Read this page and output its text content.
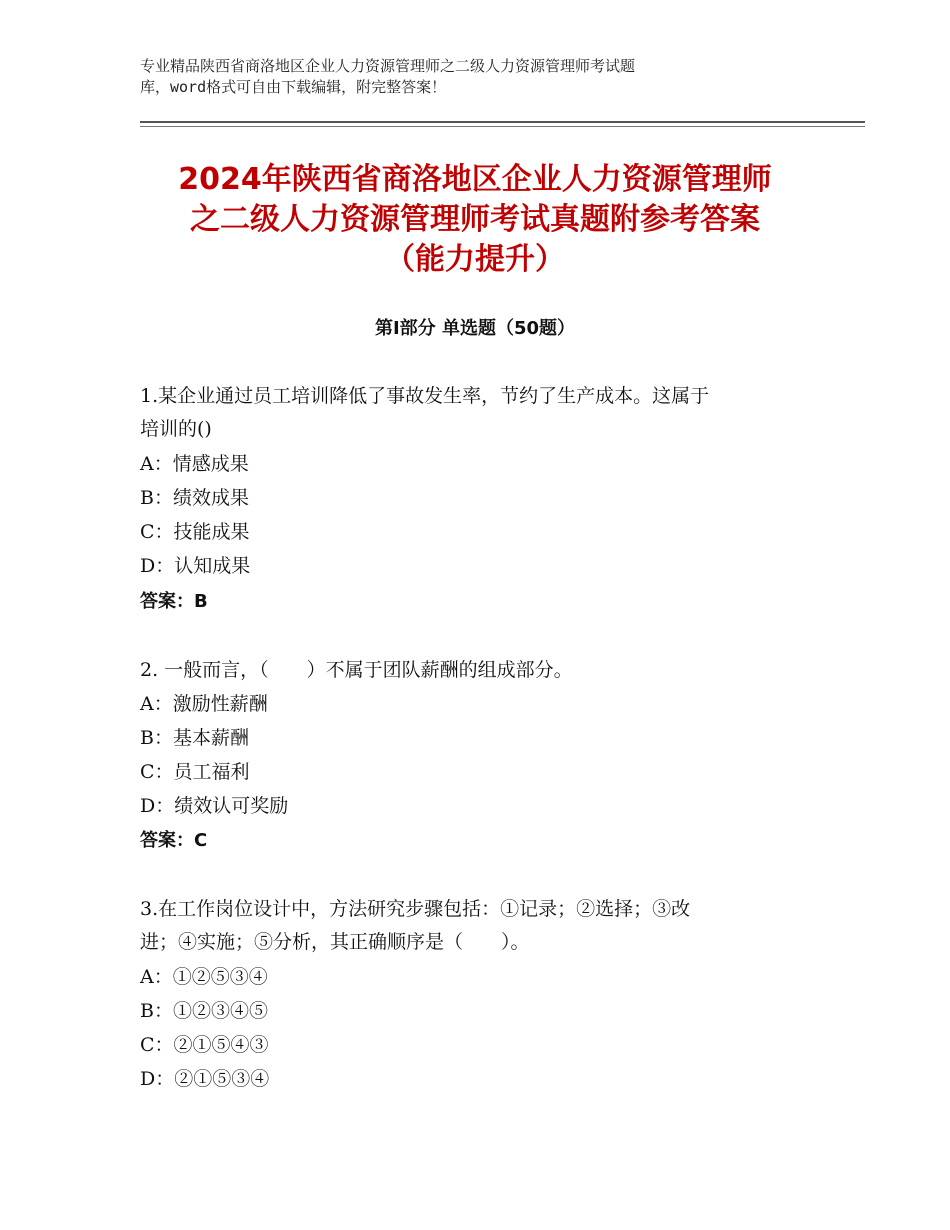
专业精品陕西省商洛地区企业人力资源管理师之二级人力资源管理师考试题
库，word格式可自由下载编辑，附完整答案！
2024年陕西省商洛地区企业人力资源管理师
之二级人力资源管理师考试真题附参考答案
（能力提升）
第Ⅰ部分 单选题（50题）
1.某企业通过员工培训降低了事故发生率，节约了生产成本。这属于
培训的()
A：情感成果
B：绩效成果
C：技能成果
D：认知成果
答案：B
2. 一般而言，（　　）不属于团队薪酬的组成部分。
A：激励性薪酬
B：基本薪酬
C：员工福利
D：绩效认可奖励
答案：C
3.在工作岗位设计中，方法研究步骤包括：①记录；②选择；③改
进；④实施；⑤分析，其正确顺序是（　　）。
A：①②⑤③④
B：①②③④⑤
C：②①⑤④③
D：②①⑤③④
